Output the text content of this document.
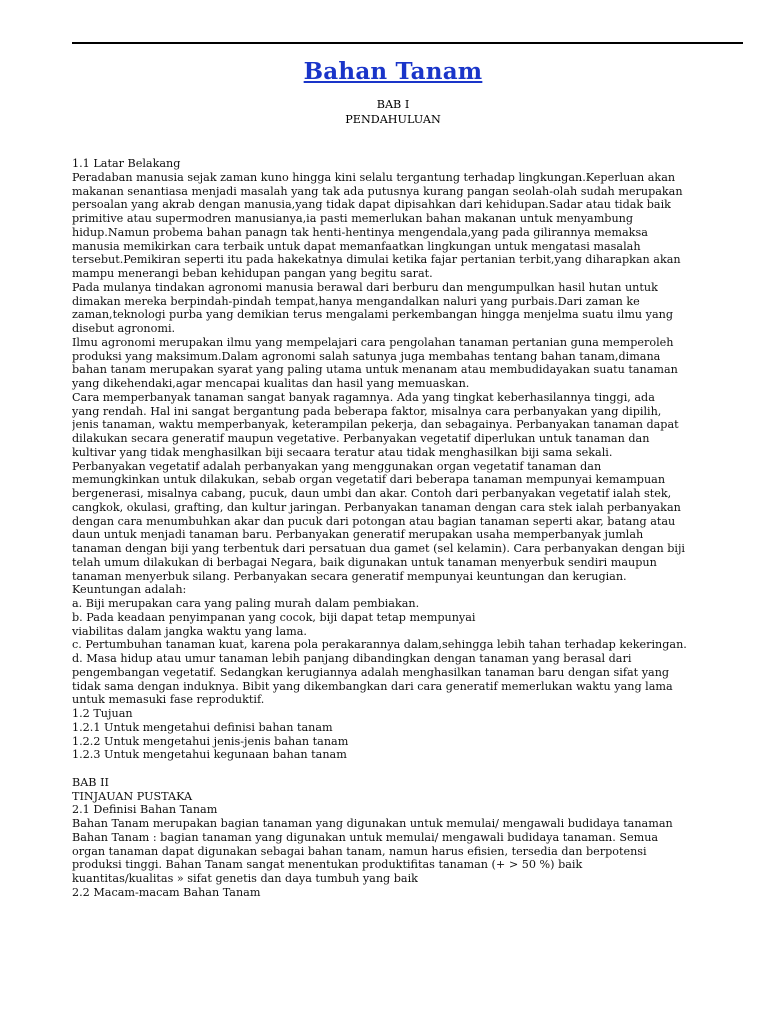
Bahan Tanam
BAB I
PENDAHULUAN
1.1 Latar Belakang
Peradaban manusia sejak zaman kuno hingga kini selalu tergantung terhadap lingkungan.Keperluan akan
makanan senantiasa menjadi masalah yang tak ada putusnya kurang pangan seolah-olah sudah merupakan
persoalan yang akrab dengan manusia,yang tidak dapat dipisahkan dari kehidupan.Sadar atau tidak baik
primitive atau supermodren manusianya,ia pasti memerlukan bahan makanan untuk menyambung
hidup.Namun probema bahan panagn tak henti-hentinya mengendala,yang pada gilirannya memaksa
manusia memikirkan cara terbaik untuk dapat memanfaatkan lingkungan untuk mengatasi masalah
tersebut.Pemikiran seperti itu pada hakekatnya dimulai ketika fajar pertanian terbit,yang diharapkan akan
mampu menerangi beban kehidupan pangan yang begitu sarat.
Pada mulanya tindakan agronomi manusia berawal dari berburu dan mengumpulkan hasil hutan untuk
dimakan mereka berpindah-pindah tempat,hanya mengandalkan naluri yang purbais.Dari zaman ke
zaman,teknologi purba yang demikian terus mengalami perkembangan hingga menjelma suatu ilmu yang
disebut agronomi.
Ilmu agronomi merupakan ilmu yang mempelajari cara pengolahan tanaman pertanian guna memperoleh
produksi yang maksimum.Dalam agronomi salah satunya juga membahas tentang bahan tanam,dimana
bahan tanam merupakan syarat yang paling utama untuk menanam atau membudidayakan suatu tanaman
yang dikehendaki,agar mencapai kualitas dan hasil yang memuaskan.
Cara memperbanyak tanaman sangat banyak ragamnya. Ada yang tingkat keberhasilannya tinggi, ada
yang rendah. Hal ini sangat bergantung pada beberapa faktor, misalnya cara perbanyakan yang dipilih,
jenis tanaman, waktu memperbanyak, keterampilan pekerja, dan sebagainya. Perbanyakan tanaman dapat
dilakukan secara generatif maupun vegetative. Perbanyakan vegetatif diperlukan untuk tanaman dan
kultivar yang tidak menghasilkan biji secaara teratur atau tidak menghasilkan biji sama sekali.
Perbanyakan vegetatif adalah perbanyakan yang menggunakan organ vegetatif tanaman dan
memungkinkan untuk dilakukan, sebab organ vegetatif dari beberapa tanaman mempunyai kemampuan
bergenerasi, misalnya cabang, pucuk, daun umbi dan akar. Contoh dari perbanyakan vegetatif ialah stek,
cangkok, okulasi, grafting, dan kultur jaringan. Perbanyakan tanaman dengan cara stek ialah perbanyakan
dengan cara menumbuhkan akar dan pucuk dari potongan atau bagian tanaman seperti akar, batang atau
daun untuk menjadi tanaman baru. Perbanyakan generatif merupakan usaha memperbanyak jumlah
tanaman dengan biji yang terbentuk dari persatuan dua gamet (sel kelamin). Cara perbanyakan dengan biji
telah umum dilakukan di berbagai Negara, baik digunakan untuk tanaman menyerbuk sendiri maupun
tanaman menyerbuk silang. Perbanyakan secara generatif mempunyai keuntungan dan kerugian.
Keuntungan adalah:
a. Biji merupakan cara yang paling murah dalam pembiakan.
b. Pada keadaan penyimpanan yang cocok, biji dapat tetap mempunyai
viabilitas dalam jangka waktu yang lama.
c. Pertumbuhan tanaman kuat, karena pola perakarannya dalam,sehingga lebih tahan terhadap kekeringan.
d. Masa hidup atau umur tanaman lebih panjang dibandingkan dengan tanaman yang berasal dari
pengembangan vegetatif. Sedangkan kerugiannya adalah menghasilkan tanaman baru dengan sifat yang
tidak sama dengan induknya. Bibit yang dikembangkan dari cara generatif memerlukan waktu yang lama
untuk memasuki fase reproduktif.
1.2 Tujuan
1.2.1 Untuk mengetahui definisi bahan tanam
1.2.2 Untuk mengetahui jenis-jenis bahan tanam
1.2.3 Untuk mengetahui kegunaan bahan tanam
BAB II
TINJAUAN PUSTAKA
2.1 Definisi Bahan Tanam
Bahan Tanam merupakan bagian tanaman yang digunakan untuk memulai/ mengawali budidaya tanaman
Bahan Tanam : bagian tanaman yang digunakan untuk memulai/ mengawali budidaya tanaman. Semua
organ tanaman dapat digunakan sebagai bahan tanam, namun harus efisien, tersedia dan berpotensi
produksi tinggi. Bahan Tanam sangat menentukan produktifitas tanaman (+ > 50 %) baik
kuantitas/kualitas » sifat genetis dan daya tumbuh yang baik
2.2 Macam-macam Bahan Tanam
